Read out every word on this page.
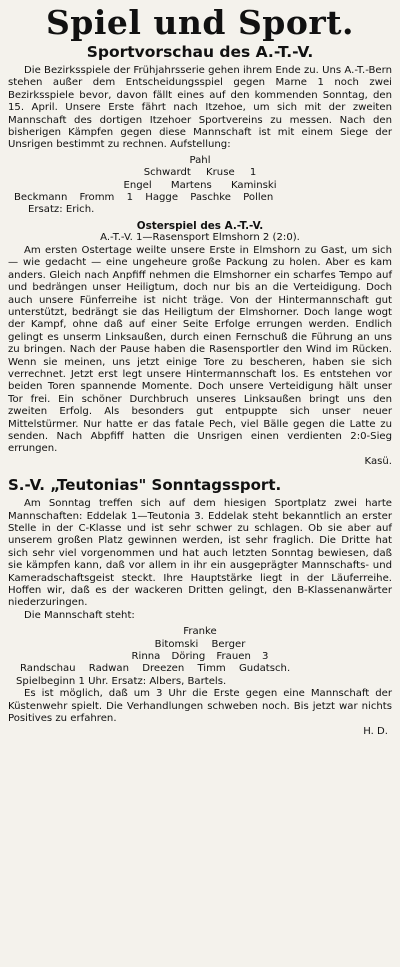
Spiel und Sport.
Sportvorschau des A.-T.-V.

Die Bezirksspiele der Frühjahrsserie gehen ihrem Ende zu. Uns A.-T.-Bern stehen außer dem Entscheidungsspiel gegen Marne 1 noch zwei Bezirksspiele bevor, davon fällt eines auf den kommenden Sonntag, den 15. April. Unsere Erste fährt nach Itzehoe, um sich mit der zweiten Mannschaft des dortigen Itzehoer Sportvereins zu messen. Nach den bisherigen Kämpfen gegen diese Mannschaft ist mit einem Siege der Unsrigen bestimmt zu rechnen. Aufstellung:

Pahl
Schwardt Kruse 1
Engel Martens Kaminski
Beckmann Fromm 1 Hagge Paschke Pollen
Ersatz: Erich.
Osterspiel des A.-T.-V.
A.-T.-V. 1—Rasensport Elmshorn 2 (2:0).

Am ersten Ostertage weilte unsere Erste in Elmshorn zu Gast, um sich — wie gedacht — eine ungeheure große Packung zu holen. Aber es kam anders. Gleich nach Anpfiff nehmen die Elmshorner ein scharfes Tempo auf und bedrängen unser Heiligtum, doch nur bis an die Verteidigung. Doch auch unsere Fünferreihe ist nicht träge. Von der Hintermannschaft gut unterstützt, bedrängt sie das Heiligtum der Elmshorner. Doch lange wogt der Kampf, ohne daß auf einer Seite Erfolge errungen werden. Endlich gelingt es unserm Linksaußen, durch einen Fernschuß die Führung an uns zu bringen. Nach der Pause haben die Rasensportler den Wind im Rücken. Wenn sie meinen, uns jetzt einige Tore zu bescheren, haben sie sich verrechnet. Jetzt erst legt unsere Hintermannschaft los. Es entstehen vor beiden Toren spannende Momente. Doch unsere Verteidigung hält unser Tor frei. Ein schöner Durchbruch unseres Linksaußen bringt uns den zweiten Erfolg. Als besonders gut entpuppte sich unser neuer Mittelstürmer. Nur hatte er das fatale Pech, viel Bälle gegen die Latte zu senden. Nach Abpfiff hatten die Unsrigen einen verdienten 2:0-Sieg errungen.

Kasü.
S.-V. „Teutonias" Sonntagssport.

Am Sonntag treffen sich auf dem hiesigen Sportplatz zwei harte Mannschaften: Eddelak 1—Teutonia 3. Eddelak steht bekanntlich an erster Stelle in der C-Klasse und ist sehr schwer zu schlagen. Ob sie aber auf unserem großen Platz gewinnen werden, ist sehr fraglich. Die Dritte hat sich sehr viel vorgenommen und hat auch letzten Sonntag bewiesen, daß sie kämpfen kann, daß vor allem in ihr ein ausgeprägter Mannschafts- und Kameradschaftsgeist steckt. Ihre Hauptstärke liegt in der Läuferreihe. Hoffen wir, daß es der wackeren Dritten gelingt, den B-Klassenanwärter niederzuringen.

Die Mannschaft steht:
Franke
Bitomski Berger
Rinna Döring Frauen 3
Randschau Radwan Dreezen Timm Gudatsch.
Spielbeginn 1 Uhr. Ersatz: Albers, Bartels.

Es ist möglich, daß um 3 Uhr die Erste gegen eine Mannschaft der Küstenwehr spielt. Die Verhandlungen schweben noch. Bis jetzt war nichts Positives zu erfahren.

H. D.
